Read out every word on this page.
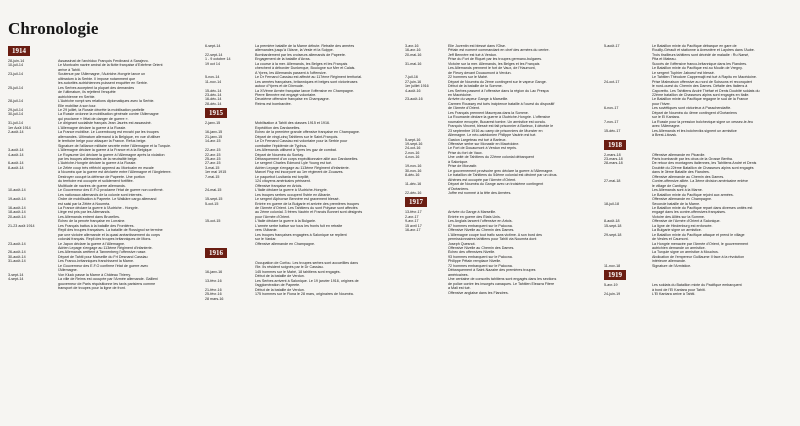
Chronologie
1914
28-juin-14	Assassinat de l'archiduc François Ferdinand à Sarajevo.
10-juil-14	Le Montcalm navire amiral de la flotte française d'Extrême Orient
arrive à Tahiti.
23-juil-14	Soutenue par l'Allemagne, l'Autriche-Hongrie lance un
ultimatum à la Serbie. Il impose notamment que
les autorités autrichiennes puissent enquêter en Serbie.
25-juil-14	Les Serbes acceptent la plupart des demandes
de l'ultimatum, ils rejettent l'enquête
autrichienne en Serbie.
28-juil-14	L'Autriche rompt ses relations diplomatiques avec la Serbie.
Elle mobilise à son tour.
29-juil-14	Le 29 juillet, la Russie décrète la mobilisation partielle
30-juil-14	La Russie ordonne la mobilisation générale contre l'Allemagne
qui proclame « l'état de danger de guerre ».
31-juil-14	Le dirigeant socialiste français Jean Jaurès est assassiné.
1er Août 1914	L'Allemagne déclare la guerre à la Russie.
2-août-14	La France mobilise. Le Luxembourg est envahi par les troupes
allemandes. Ultimatum allemand à la Belgique, en vue d'utiliser
le territoire belge pour attaquer la France. Refus belge.
Signature de l'alliance militaire secrète entre l'Allemagne et la Turquie.
3-août-14	L'Allemagne déclare la guerre à la France et à la Belgique
4-août-14	Le Royaume Uni déclare la guerre à l'Allemagne après la violation
par les troupes allemandes de la neutralité belge.
6-août-14	L'Autriche-Hongrie déclare la guerre à la Russie.
8-août-14	Le Zélée coup très réfléchi apprend au Montcalm en escale
à Nouméa que la guerre est déclarée entre l'Allemagne et l'Angleterre.
Destroyer occupé la défense de Papeete. Une portion
du territoire est occupée et solidement fortifiée.
Multitude de navires de guerre allemands.
10-août-14	Le Gouverneur des E.F.O proclame l'état de guerre non confirmé.
Les nationaux allemands de la colonie sont internés.
19-août-14	Ordre de mobilisation à Papeete. Le Walkäre cargo allemand
est saisi par la Zélée à Nouméa.
16-août-14	La France déclare la guerre à l'Autriche - Hongrie.
18-août-14	Liège est pris par les Allemands.
20-août-14	Les Allemands entrent dans Bruxelles.
Échec de la percée française en Lorraine.
21-23 août 1914	Les Français battus à la bataille des Frontières.
Repli des troupes françaises. La bataille de Rossignol se termine
par une victoire allemande et la quasi anéantissement du corps
colonial français. Repli des troupes britanniques de Mons.
23-août-14	Le Japon déclare la guerre à l'Allemagne.
Adrien Lepage s'engage au 113ème Régiment d'infanterie.
26-août-14	Les Allemands arrêtent à Tannenberg l'offensive russe.
30-août-14	Départ de Tahiti pour Marseille du Frt Desnand Cassiau
31-août-14	Les Franco-britanniques franchissent la Marne.
Le Gouverneur des E.F.O confirme l'état de guerre avec
l'Allemagne.
3-sept-14	Von Kluck passe la Marne à Château Thierry.
4-sept-14	La ville de Reims est occupée par l'Armée allemande. Gallieni
gouverneur de Paris réquisitionne les taxis parisiens comme
transport de troupes pour la ligne de front.
6-sept-14	La première bataille de la Marne débute. Retraite des armées
allemandes jusqu'à l'Aisne, la Vesle et la Suippe.
22-sept-14	Bombardement par les croiseurs allemands de Papeete.
1 - 9 octobre 14	Engagement de la bataille d'Arras.
19 oct 14	La course à la mer. Allemands, les Belges et les Français
cherchent à déborder Dunkerque, Boulogne sur Mer et Calais.
A Ypres, les Allemands passent à l'offensive.
5-nov-14	Le Dr Fernand Cassiau est affecté au 117ème Régiment territorial.
11-nov-14	Les armées françaises, britanniques et belges sont victorieuses
autour d'Ypres et de Dixmude.
15-déc-14	La XIVème Armée française lance l'offensive en Champagne.
23-déc-14	Pierre Bennère est engagé volontaire.
16-déc-14	Deuxième offensive française en Champagne.
28-déc-14	Reims est bombardée.
1915
2-janv-15	Mobilisation à Tahiti des classes 1915 et 1916.
Expédition des Dardanelles.
16-janv-15	Echec de la première grande offensive française en Champagne.
21-janv-15	Départ de vingt-cinq Tahitiens sur le Saint-François.
14-avr-15	Le Dr Fernand Cassiau est volontaire pour la Serbie pour
combattre l'épidémie de Typhus.
22-avr-15	Les Allemands utilisent à Ypres les gaz de combat.
22-avr-15	Départ de Nouméa du Sontay.
25-avr-15	Débarquement d'un corps expéditionnaire allié aux Dardanelles.
27-avr-15	Le sergent Charles Edmond Lyle Young est tué.
3-mai-15	Adrien Lepage s'engage au 113ème Régiment d'infanterie.
1er mai 1915	Marcel Fisp est incorporé au 1er régiment de Zouaves.
7-mai-15	Le paquebot Lusitania est torpillé,
124 citoyens américains périssent.
Offensive française en Artois.
24-mai-15	L'Italie déclare la guerre à l'Autriche-Hongrie.
Les troupes serbes occupent l'Istrie en Albanie.
15-sept-15	Le sergent Alphonse Bennère est gravement blessé.
5-oct-15	Entrée en guerre de la Bulgarie et arrivée des premières troupes
de l'Armée d'Orient. Les Tahitiens du sont Polyase sont affectés
au 2ème colonial. 3 frères Vautrin et Francis Bonnet sont désignés
pour l'Armée d'Orient.
15-oct-15	L'Italie déclare la guerre à la Bulgarie.
L'armée serbe battue sur tous les fronts fuit en retraite
vers l'Albanie.
Les troupes françaises engagées à Salonique se replient
sur le Vardar.
Offensive allemande en Champagne.
1916
Occupation de Corfou. Les troupes serbes sont accueillies dans
l'île. Ils résident soignés par le Dr Cassiau.
16-janv-16	145 hommes sur le Mahé, 18 tahitiens sont engagés.
Début de la bataille de Verdun.
13-févr-16	Les Serbes arrivent à Salonique. Le 19 janvier 1916, origines de
l'agglomération de Papeete.
21-févr-16	Début de la bataille de Verdun.
25-févr-16	175 hommes sur le Fiona le 28 mars, originaires de Nouméa.
28 mars-16
3-avr-16	Elie Juventin est blessé dans l'Oise.
16-avr-16	Pétain est nommé commandant en chef des armées du centre.
20-mai-16	Jeff Bennère est tué à Verdun.
Prise du Fort de Riquet par les troupes germano-bulgares.
31-mai-16	Victoire sur la mer. Allemands, les Belges et les Français
Les Allemands prennent le fort de Vaux, de l'Haumont,
de Fleury devant Douaumont à Verdun.
7-juil-16	22 hommes sur le Mahé.
27-juin-16	Départ de Nouméa du 2ème contingent sur le vapeur Gange.
1er juillet 1916	Début de la bataille de la Somme.
4-août-16	Les Serbes passent à l'offensive dans la région du Lac Prespa
en Macédoine.
23-août-16	Arrivée du vapeur Gange à Marseille.
Carmen Roussey est tués incipience bataille à l'ouest du dispositif
de l'Armée d'Orient.
Les Français prennent Maurepas dans la Somme.
La Roumanie déclare la guerre à l'Autriche-Hongrie. L'offensive
roumaine envoyée, Bucarest tombe. Un armistice est conclu.
François Vincent, blessé est fait prisonnier à Barleux, il décède le
23 septembre 1916 au camp de prisonniers de Munster en
Allemagne. Le néo-calédonien Philippe Vautrin est tué.
5-sept-16	Gaston Largeteau est tué à Barleux.
19-sept-16	Offensive serbe sur Monastir en Macédoine.
24-oct-16	Le Fort de Douaumont à Verdun est repris.
2-nov-16	Prise du fort de Vaux.
4-nov-16	Une unité de Tahitiens du 22ème colonial débarquent
à Salonique.
19-nov-16	Prise de Monastir.
30-nov-16	Le gouvernement provisoire grec déclare la guerre à l'Allemagne.
8-déc-16	Le bataillon de Tahitiens du 54ème colonial est décimé par un obus.
Athènes est occupée par l'Armée d'Orient.
11-déc-16	Départ de Nouméa du Gange avec un troisième contingent
d'Océaniens.
22-déc-16	Joffre est nommé à la tête des Armées.
1917
13-févr-17	Arrivée du Gange à Marseille.
2-avr-17	Entrée en guerre des États Unis.
9-avr-17	Les Anglais lancent l'offensive en Artois.
15 avril 17	87 hommes embarquent sur le Paloona.
16-avr-17	Offensive Nivelle au Chemin des Dames.
L'Allemagne coupe tout trafic sans victime. A son bord des
permissionnaires tahitiens pour Tahiti via Nouméa dont
Joseph Quesnot.
Offensive Nivelle au Chemin des Dames.
Échec des offensives Nivelle.
93 hommes embarquent sur le Paloona.
Philippe Pétain remplace Nivelle.
72 hommes embarquent sur le Paloona.
Débarquement à Saint-Nazaire des premières troupes
américaines.
Une centaine de conscrits tahitiens sont engagés dans les sections
de police contre les insurgés canaques. Le Tahitien Eleazra Fitere
a Mali est tué.
Offensive anglaise dans les Flandres.
5-août-17	Le Bataillon mixte du Pacifique débarque en gare de
Rouilly-Gérault et stationne à Avesnière et Laydres dans l'Aube.
Trois tirailleurs tahitiens sont décédé de maladie : Ru Narsé,
Pita et Mateau.
Succès de l'offensive franco-britannique dans les Flandres.
Le Bataillon mixte du Pacifique est au Moulin de Vregny.
Le sergent Tuphier Jaboeuf est blessé.
Le Tahitien Théodore Cappemajit est tué à Rapitu en Macédoine.
24-oct-17	Prise Malmaison offensive au nord de Soissons et reconquiert
le nord-ouest du Chemin des Dames. Défaite des Italiens à
Caporetto. Les Tahitiens André Théfaé et Denis Doubité soldats du
22ème bataillon de Chasseurs alpins sont engagés en Italie.
Le Bataillon mixte du Pacifique regagne le sud de la France
pour l'hiver.
6-nov-17	Les soviétiques sont victorieux à Passchendaële.
Départ de Nouméa du 4ème contingent d'Océaniens
sur le El Kantara.
7-nov-17	La Russie pour la pression bolchevique signe un cessez-le-feu
avec l'Allemagne.
15-déc-17	Les Allemands et les bolcheviks signent un armistice
à Brest-Litovsk.
1918
2-mars-18	Offensive allemande en Picardie.
23-mars-18	Paris bombardé par les obus de la Grosse Bertha.
28-mars-18	De retour des montagnes italiennes, les Tahitiens André et Denis
Doubité du 22ème Bataillon de Chasseurs alpins sont engagés
dans le 3ème Bataille des Flandres.
Offensive allemande au Chemin des Dames.
27-mai-18	Contre-offensive alliée. La 3ème division américaine enlève
le village de Cantigny.
Les Allemands sont à la Marne.
Le Bataillon mixte du Pacifique rejoint aux armées.
Offensive allemande en Champagne.
18-juil-18	Seconde bataille de la Marne.
Le Bataillon mixte du Pacifique repart dans diverses unités est
engagé dans les contre-offensives françaises.
Victoire des Alliés sur la Somme.
8-août-18	Offensive de l'Armée d'Orient à Salonique.
15-sept-18	La ligne de Hindenburg est enfoncée.
La Bulgarie signe un armistice.
29-sept-18	Le Bataillon mixte du Pacifique attaque et prend le village
de Vesles et Caumont.
La Hongrie menacée par l'Armée d'Orient, le gouvernement
autrichien demande un armistice.
La Turquie signe un armistice à Moudros.
Abdication de l'empereur Guillaume II face à la révolution
intérieure allemande.
11-nov-18	Signature de l'Armistice.
1919
5-avr-19	Les soldats du Bataillon mixte du Pacifique embarquent
à bord de l'El Kantara pour Tahiti.
24-juin-19	L'El Kantara arrive à Tahiti.
